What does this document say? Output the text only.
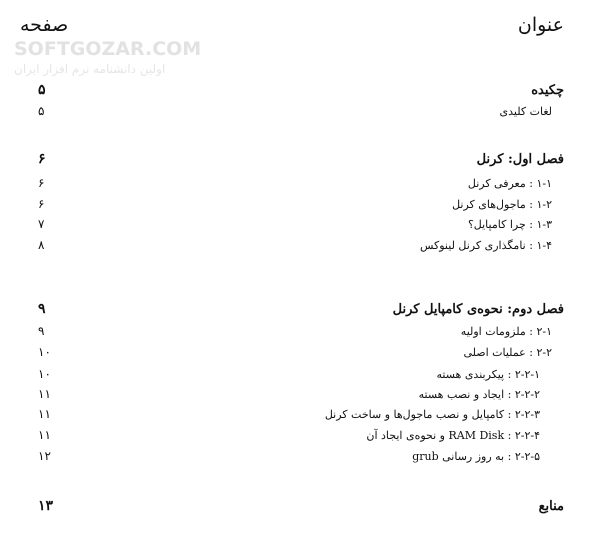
عنوان
صفحه
SOFTGOZAR.COM
اولین دانشنامه نرم افزار ایران
چکیده
۵
لغات کلیدی
۵
فصل اول: کرنل
۶
۱-۱ : معرفی کرنل
۶
۱-۲ : ماجول‌های کرنل
۶
۱-۳ : چرا کامپایل؟
۷
۱-۴ : نامگذاری کرنل لینوکس
۸
فصل دوم: نحوه‌ی کامپایل کرنل
۹
۲-۱ : ملزومات اولیه
۹
۲-۲ : عملیات اصلی
۱۰
۲-۲-۱ : پیکربندی هسته
۱۰
۲-۲-۲ : ایجاد و نصب هسته
۱۱
۲-۲-۳ : کامپایل و نصب ماجول‌ها و ساخت کرنل
۱۱
۲-۲-۴ : RAM Disk و نحوه‌ی ایجاد آن
۱۱
۲-۲-۵ : به روز رسانی grub
۱۲
منابع
۱۳
